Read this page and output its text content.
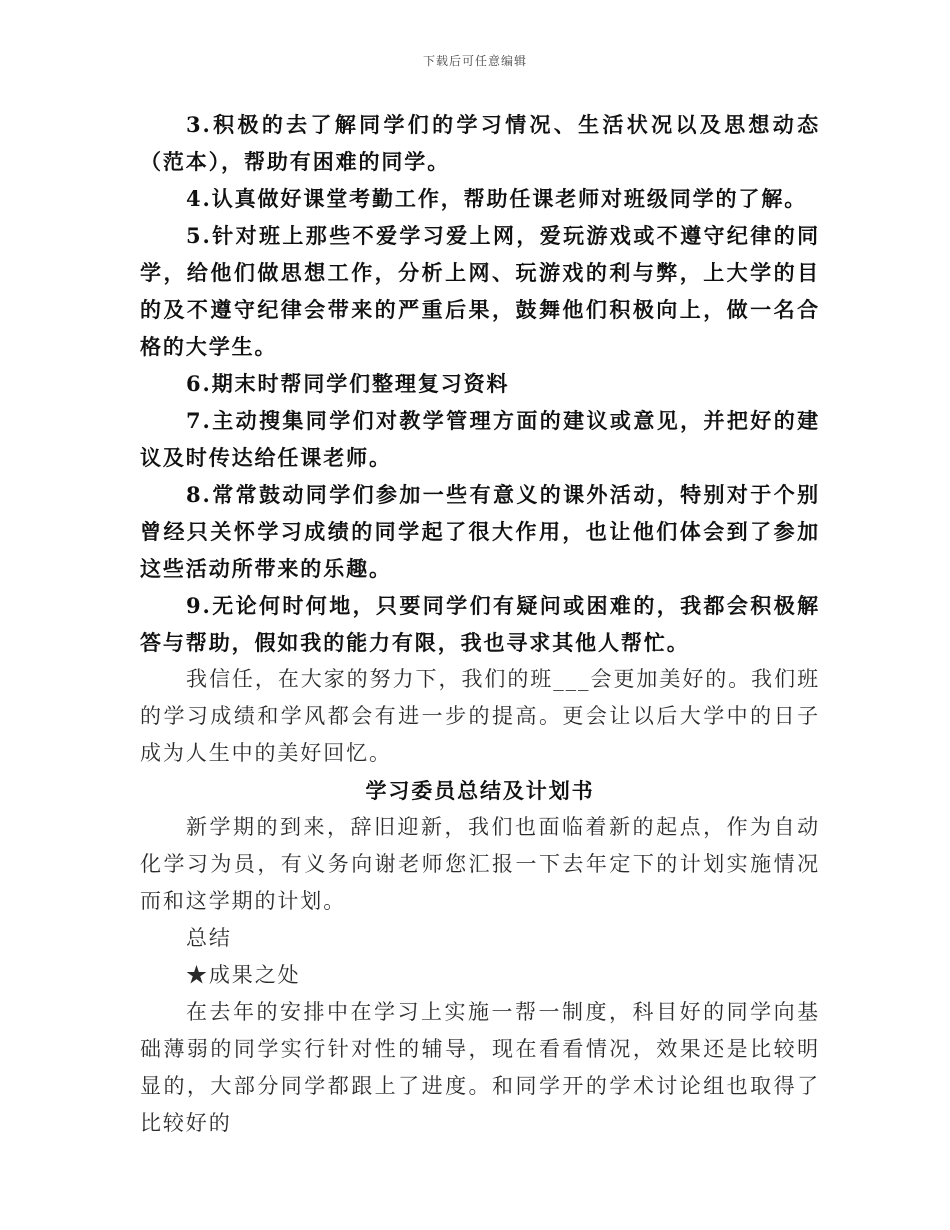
下载后可任意编辑

3.积极的去了解同学们的学习情况、生活状况以及思想动态（范本），帮助有困难的同学。

4.认真做好课堂考勤工作，帮助任课老师对班级同学的了解。

5.针对班上那些不爱学习爱上网，爱玩游戏或不遵守纪律的同学，给他们做思想工作，分析上网、玩游戏的利与弊，上大学的目的及不遵守纪律会带来的严重后果，鼓舞他们积极向上，做一名合格的大学生。

6.期末时帮同学们整理复习资料

7.主动搜集同学们对教学管理方面的建议或意见，并把好的建议及时传达给任课老师。

8.常常鼓动同学们参加一些有意义的课外活动，特别对于个别曾经只关怀学习成绩的同学起了很大作用，也让他们体会到了参加这些活动所带来的乐趣。

9.无论何时何地，只要同学们有疑问或困难的，我都会积极解答与帮助，假如我的能力有限，我也寻求其他人帮忙。

我信任，在大家的努力下，我们的班___会更加美好的。我们班的学习成绩和学风都会有进一步的提高。更会让以后大学中的日子成为人生中的美好回忆。

学习委员总结及计划书

新学期的到来，辞旧迎新，我们也面临着新的起点，作为自动化学习为员，有义务向谢老师您汇报一下去年定下的计划实施情况而和这学期的计划。

总结

★成果之处

在去年的安排中在学习上实施一帮一制度，科目好的同学向基础薄弱的同学实行针对性的辅导，现在看看情况，效果还是比较明显的，大部分同学都跟上了进度。和同学开的学术讨论组也取得了比较好的
